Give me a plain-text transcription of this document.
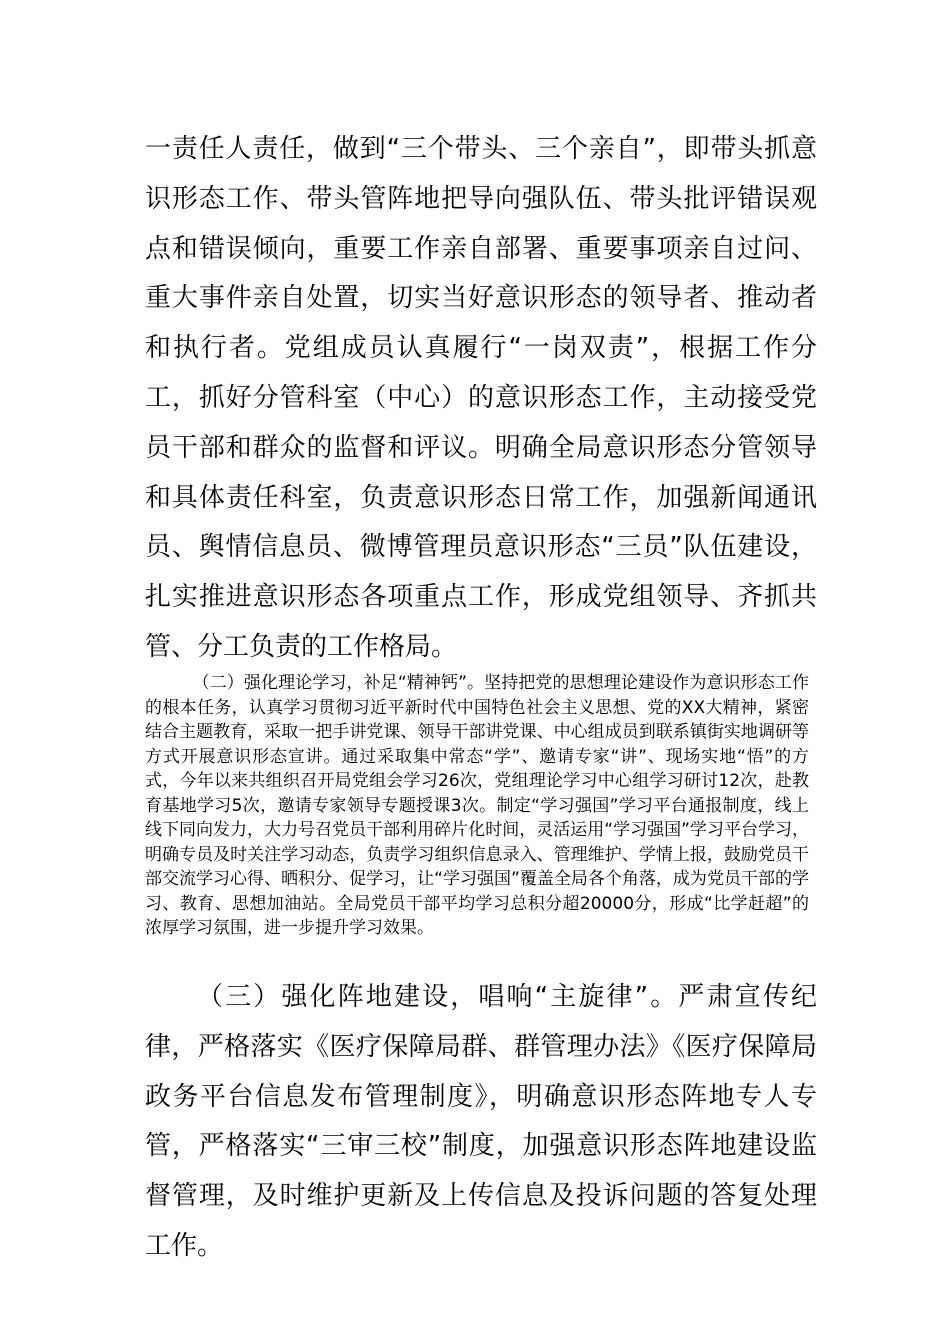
一责任人责任，做到“三个带头、三个亲自”，即带头抓意识形态工作、带头管阵地把导向强队伍、带头批评错误观点和错误倾向，重要工作亲自部署、重要事项亲自过问、重大事件亲自处置，切实当好意识形态的领导者、推动者和执行者。党组成员认真履行“一岗双责”，根据工作分工，抓好分管科室（中心）的意识形态工作，主动接受党员干部和群众的监督和评议。明确全局意识形态分管领导和具体责任科室，负责意识形态日常工作，加强新闻通讯员、舆情信息员、微博管理员意识形态“三员”队伍建设，扎实推进意识形态各项重点工作，形成党组领导、齐抓共管、分工负责的工作格局。

（二）强化理论学习，补足“精神钙”。坚持把党的思想理论建设作为意识形态工作的根本任务，认真学习贯彻习近平新时代中国特色社会主义思想、党的XX大精神，紧密结合主题教育，采取一把手讲党课、领导干部讲党课、中心组成员到联系镇街实地调研等方式开展意识形态宣讲。通过采取集中常态“学”、邀请专家“讲”、现场实地“悟”的方式，今年以来共组织召开局党组会学习26次，党组理论学习中心组学习研讨12次，赴教育基地学习5次，邀请专家领导专题授课3次。制定“学习强国”学习平台通报制度，线上线下同向发力，大力号召党员干部利用碎片化时间，灵活运用“学习强国”学习平台学习，明确专员及时关注学习动态，负责学习组织信息录入、管理维护、学情上报，鼓励党员干部交流学习心得、晒积分、促学习，让“学习强国”覆盖全局各个角落，成为党员干部的学习、教育、思想加油站。全局党员干部平均学习总积分超20000分，形成“比学赶超”的浓厚学习氛围，进一步提升学习效果。

（三）强化阵地建设，唱响“主旋律”。严肃宣传纪律，严格落实《医疗保障局群、群管理办法》《医疗保障局政务平台信息发布管理制度》，明确意识形态阵地专人专管，严格落实“三审三校”制度，加强意识形态阵地建设监督管理，及时维护更新及上传信息及投诉问题的答复处理工作。
